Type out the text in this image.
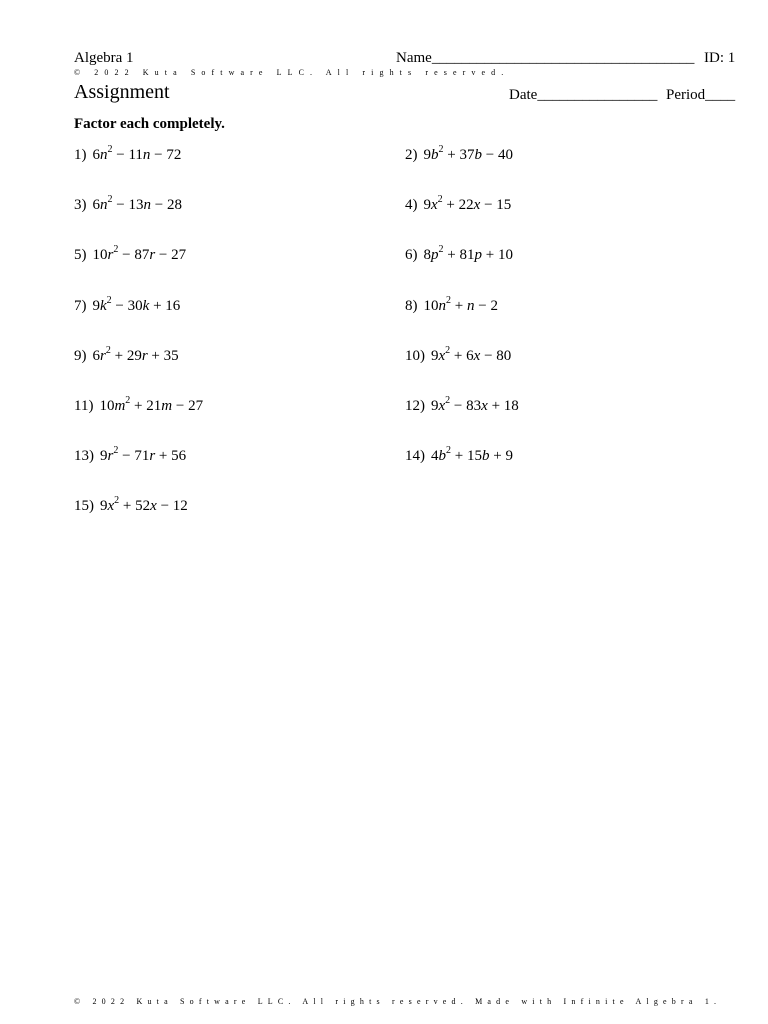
Algebra 1	Name___________________________________ ID: 1
© 2022 Kuta Software LLC. All rights reserved.
Assignment	Date________________ Period____
Factor each completely.
1) $6n^2 - 11n - 72$	2) $9b^2 + 37b - 40$
3) $6n^2 - 13n - 28$	4) $9x^2 + 22x - 15$
5) $10r^2 - 87r - 27$	6) $8p^2 + 81p + 10$
7) $9k^2 - 30k + 16$	8) $10n^2 + n - 2$
9) $6r^2 + 29r + 35$	10) $9x^2 + 6x - 80$
11) $10m^2 + 21m - 27$	12) $9x^2 - 83x + 18$
13) $9r^2 - 71r + 56$	14) $4b^2 + 15b + 9$
15) $9x^2 + 52x - 12$
© 2022 Kuta Software LLC. All rights reserved. Made with Infinite Algebra 1.
